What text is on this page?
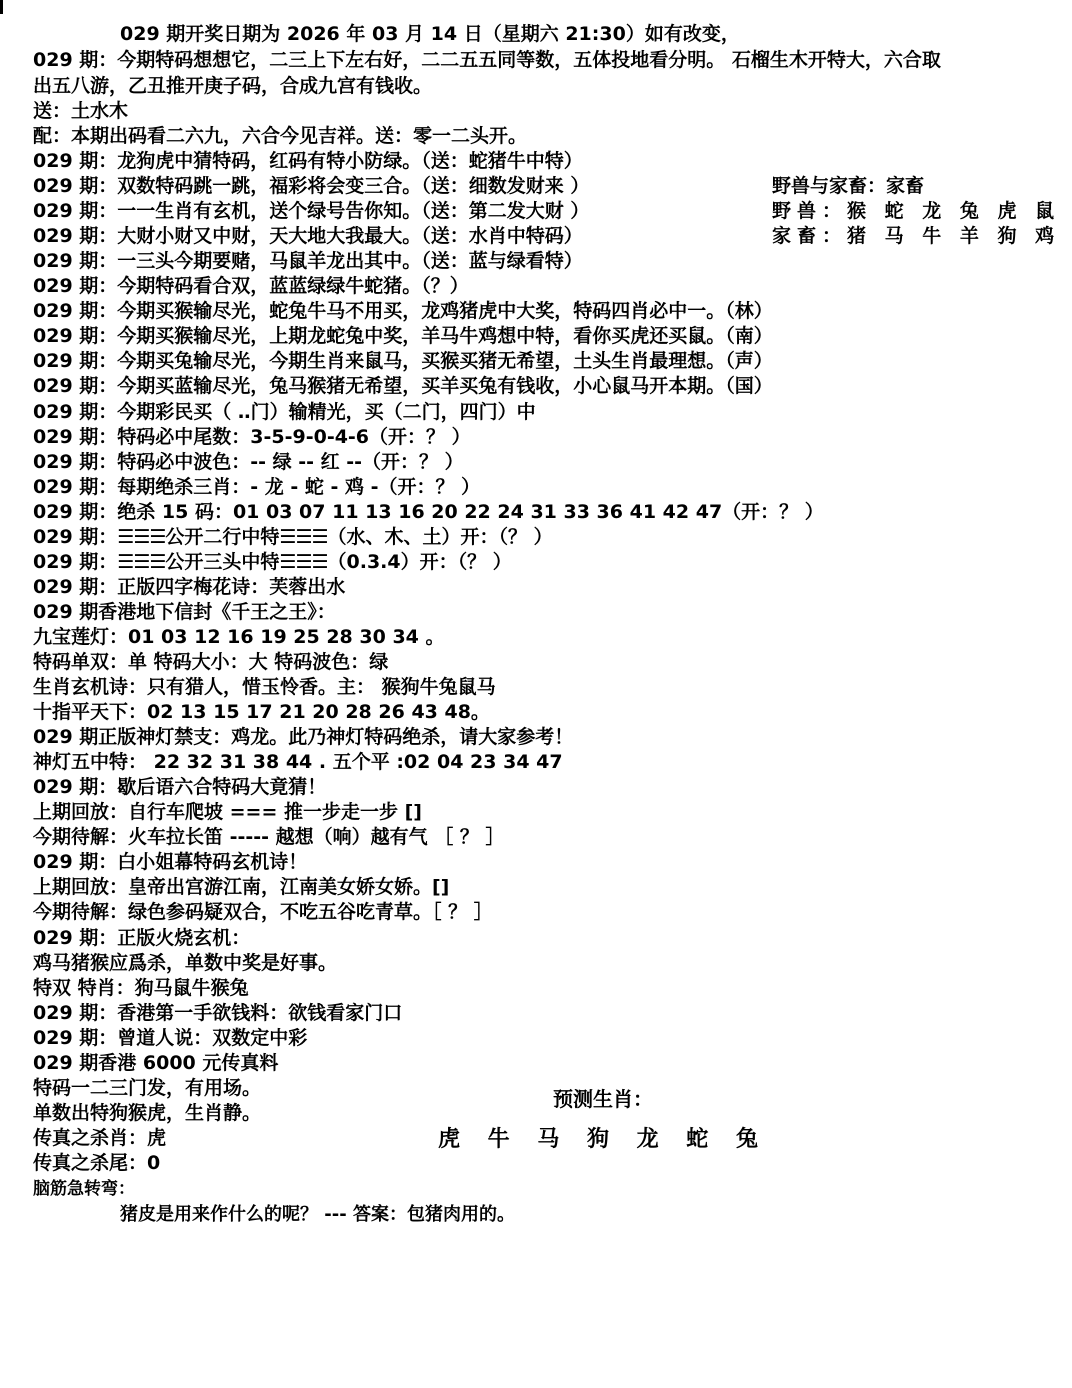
029 期开奖日期为 2026 年 03 月 14 日（星期六 21:30）如有改变，
029 期：今期特码想想它，二三上下左右好，二二五五同等数，五体投地看分明。 石榴生木开特大，六合取
出五八游，乙丑推开庚子码，合成九宫有钱收。
送：土水木
配：本期出码看二六九，六合今见吉祥。送：零一二头开。
029 期：龙狗虎中猜特码，红码有特小防绿。（送：蛇猪牛中特）
029 期：双数特码跳一跳，福彩将会变三合。（送：细数发财来 ）
029 期：一一生肖有玄机，送个绿号告你知。（送：第二发大财 ）
029 期：大财小财又中财，天大地大我最大。（送：水肖中特码）
029 期：一三头今期要赌，马鼠羊龙出其中。（送：蓝与绿看特）
029 期：今期特码看合双，蓝蓝绿绿牛蛇猪。（？）
029 期：今期买猴输尽光，蛇兔牛马不用买，龙鸡猪虎中大奖，特码四肖必中一。（林）
029 期：今期买猴输尽光，上期龙蛇兔中奖，羊马牛鸡想中特，看你买虎还买鼠。（南）
029 期：今期买兔输尽光，今期生肖来鼠马，买猴买猪无希望，土头生肖最理想。（声）
029 期：今期买蓝输尽光，兔马猴猪无希望，买羊买兔有钱收，小心鼠马开本期。（国）
029 期：今期彩民买（ ‥门）输精光，买（二门，四门）中
029 期：特码必中尾数：3-5-9-0-4-6（开：？ ）
029 期：特码必中波色：-- 绿 -- 红 --（开：？ ）
029 期：每期绝杀三肖：- 龙 - 蛇 - 鸡 -（开：？ ）
029 期：绝杀 15 码：01 03 07 11 13 16 20 22 24 31 33 36 41 42 47（开：？ ）
029 期：☰☰☰公开二行中特☰☰☰（水、木、土）开：（？ ）
029 期：☰☰☰公开三头中特☰☰☰（0.3.4）开：（？ ）
029 期：正版四字梅花诗：芙蓉出水
029 期香港地下信封《千王之王》：
九宝莲灯：01 03 12 16 19 25 28 30 34 。
特码单双：单 特码大小：大 特码波色：绿
生肖玄机诗：只有猎人，惜玉怜香。主： 猴狗牛兔鼠马
十指平天下：02 13 15 17 21 20 28 26 43 48。
029 期正版神灯禁支：鸡龙。此乃神灯特码绝杀，请大家参考！
神灯五中特： 22 32 31 38 44 . 五个平 :02 04 23 34 47
029 期：歇后语六合特码大竟猜！
上期回放：自行车爬坡 === 推一步走一步 []
今期待解：火车拉长笛 ----- 越想（响）越有气 ［ ？ ］
029 期：白小姐幕特码玄机诗！
上期回放：皇帝出宫游江南，江南美女娇女娇。[]
今期待解：绿色参码疑双合，不吃五谷吃青草。［ ？ ］
029 期：正版火烧玄机：
鸡马猪猴应爲杀，单数中奖是好事。
特双 特肖：狗马鼠牛猴兔
029 期：香港第一手欲钱料：欲钱看家门口
029 期：曾道人说：双数定中彩
029 期香港 6000 元传真料
特码一二三门发，有用场。
单数出特狗猴虎，生肖静。
传真之杀肖：虎
传真之杀尾：0
脑筋急转弯：
猪皮是用来作什么的呢？ --- 答案：包猪肉用的。
野兽与家畜：家畜
野兽：猴 蛇 龙 兔 虎 鼠
家畜：猪 马 牛 羊 狗 鸡
预测生肖：
虎 牛 马 狗 龙 蛇 兔
